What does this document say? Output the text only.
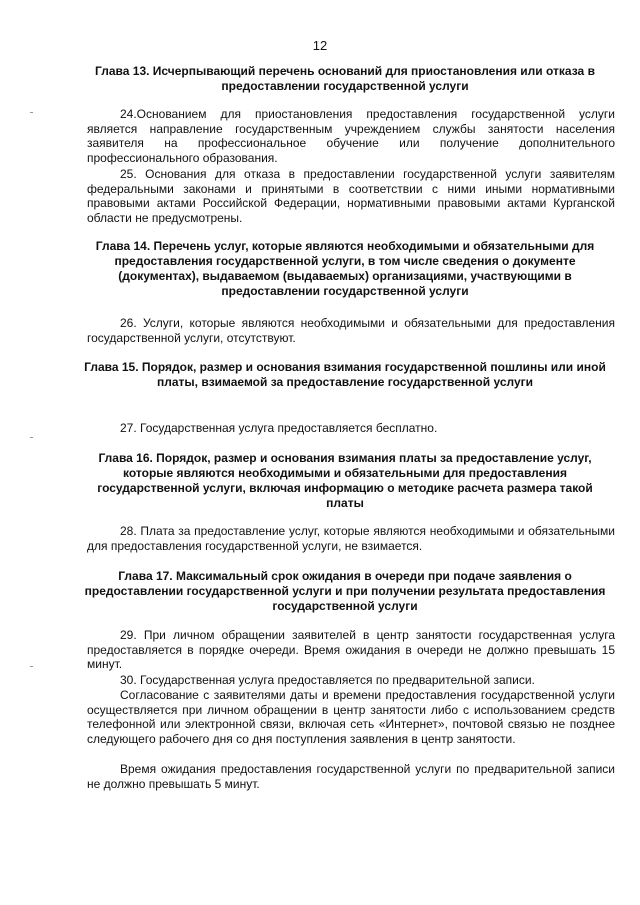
12
Глава 13. Исчерпывающий перечень оснований для приостановления или отказа в предоставлении государственной услуги
24.Основанием для приостановления предоставления государственной услуги является направление государственным учреждением службы занятости населения заявителя на профессиональное обучение или получение дополнительного профессионального образования.
25. Основания для отказа в предоставлении государственной услуги заявителям федеральными законами и принятыми в соответствии с ними иными нормативными правовыми актами Российской Федерации, нормативными правовыми актами Курганской области не предусмотрены.
Глава 14. Перечень услуг, которые являются необходимыми и обязательными для предоставления государственной услуги, в том числе сведения о документе (документах), выдаваемом (выдаваемых) организациями, участвующими в предоставлении государственной услуги
26. Услуги, которые являются необходимыми и обязательными для предоставления государственной услуги, отсутствуют.
Глава 15. Порядок, размер и основания взимания государственной пошлины или иной платы, взимаемой за предоставление государственной услуги
27. Государственная услуга предоставляется бесплатно.
Глава 16. Порядок, размер и основания взимания платы за предоставление услуг, которые являются необходимыми и обязательными для предоставления государственной услуги, включая информацию о методике расчета размера такой платы
28. Плата за предоставление услуг, которые являются необходимыми и обязательными для предоставления государственной услуги, не взимается.
Глава 17. Максимальный срок ожидания в очереди при подаче заявления о предоставлении государственной услуги и при получении результата предоставления государственной услуги
29. При личном обращении заявителей в центр занятости государственная услуга предоставляется в порядке очереди. Время ожидания в очереди не должно превышать 15 минут.
30. Государственная услуга предоставляется по предварительной записи.
Согласование с заявителями даты и времени предоставления государственной услуги осуществляется при личном обращении в центр занятости либо с использованием средств телефонной или электронной связи, включая сеть «Интернет», почтовой связью не позднее следующего рабочего дня со дня поступления заявления в центр занятости.
Время ожидания предоставления государственной услуги по предварительной записи не должно превышать 5 минут.
